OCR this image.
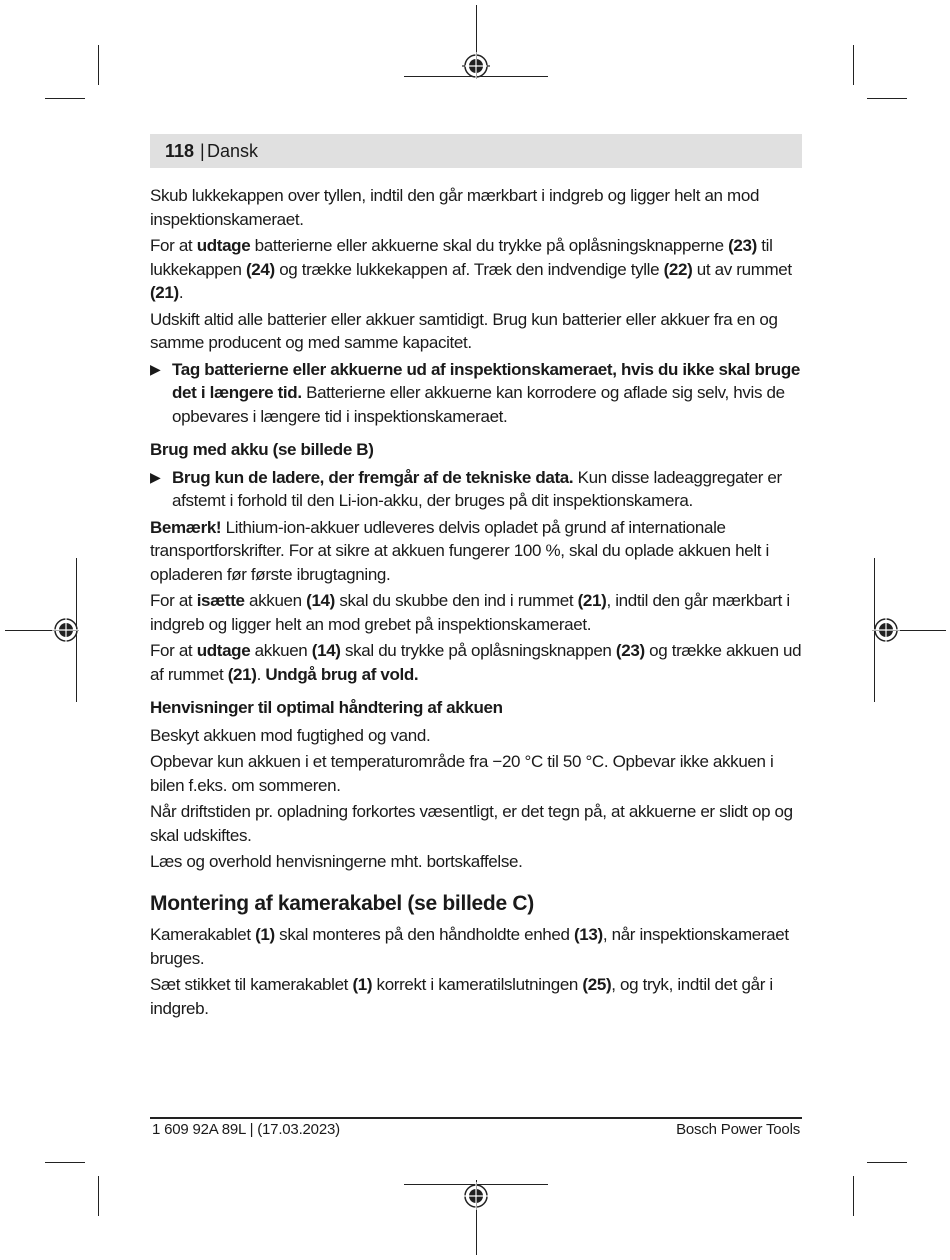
118 | Dansk

Skub lukkekappen over tyllen, indtil den går mærkbart i indgreb og ligger helt an mod inspektionskameraet.

For at udtage batterierne eller akkuerne skal du trykke på oplåsningsknapperne (23) til lukkekappen (24) og trække lukkekappen af. Træk den indvendige tylle (22) ut av rummet (21).

Udskift altid alle batterier eller akkuer samtidigt. Brug kun batterier eller akkuer fra en og samme producent og med samme kapacitet.

▶ Tag batterierne eller akkuerne ud af inspektionskameraet, hvis du ikke skal bruge det i længere tid. Batterierne eller akkuerne kan korrodere og aflade sig selv, hvis de opbevares i længere tid i inspektionskameraet.
Brug med akku (se billede B)
▶ Brug kun de ladere, der fremgår af de tekniske data. Kun disse ladeaggregater er afstemt i forhold til den Li-ion-akku, der bruges på dit inspektionskamera.

Bemærk! Lithium-ion-akkuer udleveres delvis opladet på grund af internationale transportforskrifter. For at sikre at akkuen fungerer 100 %, skal du oplade akkuen helt i opladeren før første ibrugtagning.

For at isætte akkuen (14) skal du skubbe den ind i rummet (21), indtil den går mærkbart i indgreb og ligger helt an mod grebet på inspektionskameraet.

For at udtage akkuen (14) skal du trykke på oplåsningsknappen (23) og trække akkuen ud af rummet (21). Undgå brug af vold.

Henvisninger til optimal håndtering af akkuen

Beskyt akkuen mod fugtighed og vand.

Opbevar kun akkuen i et temperaturområde fra −20 °C til 50 °C. Opbevar ikke akkuen i bilen f.eks. om sommeren.

Når driftstiden pr. opladning forkortes væsentligt, er det tegn på, at akkuerne er slidt op og skal udskiftes.

Læs og overhold henvisningerne mht. bortskaffelse.

Montering af kamerakabel (se billede C)

Kamerakablet (1) skal monteres på den håndholdte enhed (13), når inspektionskameraet bruges.

Sæt stikket til kamerakablet (1) korrekt i kameratilslutningen (25), og tryk, indtil det går i indgreb.

1 609 92A 89L | (17.03.2023)	Bosch Power Tools
